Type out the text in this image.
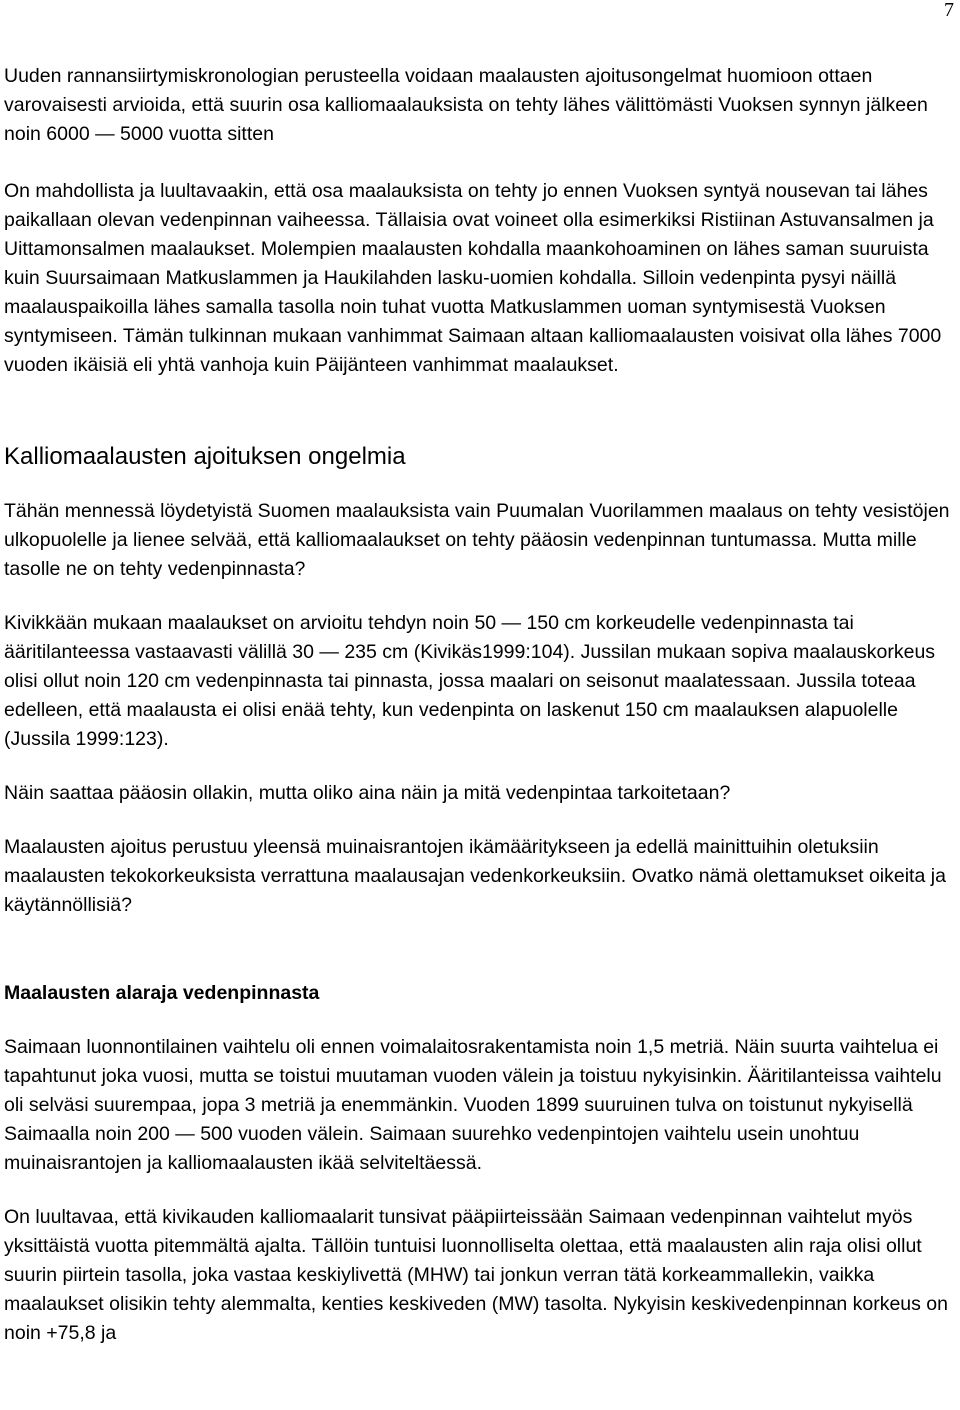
7

Uuden rannansiirtymiskronologian perusteella voidaan maalausten ajoitusongelmat huomioon ottaen varovaisesti arvioida, että suurin osa kalliomaalauksista on tehty lähes välittömästi Vuoksen synnyn jälkeen noin 6000 — 5000 vuotta sitten

On mahdollista ja luultavaakin, että osa maalauksista on tehty jo ennen Vuoksen syntyä nousevan tai lähes paikallaan olevan vedenpinnan vaiheessa. Tällaisia ovat voineet olla esimerkiksi Ristiinan Astuvansalmen ja Uittamonsalmen maalaukset. Molempien maalausten kohdalla maankohoaminen on lähes saman suuruista kuin Suursaimaan Matkuslammen ja Haukilahden lasku-uomien kohdalla. Silloin vedenpinta pysyi näillä maalauspaikoilla lähes samalla tasolla noin tuhat vuotta Matkuslammen uoman syntymisestä Vuoksen syntymiseen. Tämän tulkinnan mukaan vanhimmat Saimaan altaan kalliomaalausten voisivat olla lähes 7000 vuoden ikäisiä eli yhtä vanhoja kuin Päijänteen vanhimmat maalaukset.

Kalliomaalausten ajoituksen ongelmia

Tähän mennessä löydetyistä Suomen maalauksista vain Puumalan Vuorilammen maalaus on tehty vesistöjen ulkopuolelle ja lienee selvää, että kalliomaalaukset on tehty pääosin vedenpinnan tuntumassa. Mutta mille tasolle ne on tehty vedenpinnasta?

Kivikkään mukaan maalaukset on arvioitu tehdyn noin 50 — 150 cm korkeudelle vedenpinnasta tai ääritilanteessa vastaavasti välillä 30 — 235 cm (Kivikäs1999:104). Jussilan mukaan sopiva maalauskorkeus olisi ollut noin 120 cm vedenpinnasta tai pinnasta, jossa maalari on seisonut maalatessaan. Jussila toteaa edelleen, että maalausta ei olisi enää tehty, kun vedenpinta on laskenut 150 cm maalauksen alapuolelle (Jussila 1999:123).

Näin saattaa pääosin ollakin, mutta oliko aina näin ja mitä vedenpintaa tarkoitetaan?

Maalausten ajoitus perustuu yleensä muinaisrantojen ikämääritykseen ja edellä mainittuihin oletuksiin maalausten tekokorkeuksista verrattuna maalausajan vedenkorkeuksiin. Ovatko nämä olettamukset oikeita ja käytännöllisiä?

Maalausten alaraja vedenpinnasta

Saimaan luonnontilainen vaihtelu oli ennen voimalaitosrakentamista noin 1,5 metriä. Näin suurta vaihtelua ei tapahtunut joka vuosi, mutta se toistui muutaman vuoden välein ja toistuu nykyisinkin. Ääritilanteissa vaihtelu oli selväsi suurempaa, jopa 3 metriä ja enemmänkin. Vuoden 1899 suuruinen tulva on toistunut nykyisellä Saimaalla noin 200 — 500 vuoden välein. Saimaan suurehko vedenpintojen vaihtelu usein unohtuu muinaisrantojen ja kalliomaalausten ikää selviteltäessä.

On luultavaa, että kivikauden kalliomaalarit tunsivat pääpiirteissään Saimaan vedenpinnan vaihtelut myös yksittäistä vuotta pitemmältä ajalta. Tällöin tuntuisi luonnolliselta olettaa, että maalausten alin raja olisi ollut suurin piirtein tasolla, joka vastaa keskiylivettä (MHW) tai jonkun verran tätä korkeammallekin, vaikka maalaukset olisikin tehty alemmalta, kenties keskiveden (MW) tasolta. Nykyisin keskivedenpinnan korkeus on noin +75,8 ja
